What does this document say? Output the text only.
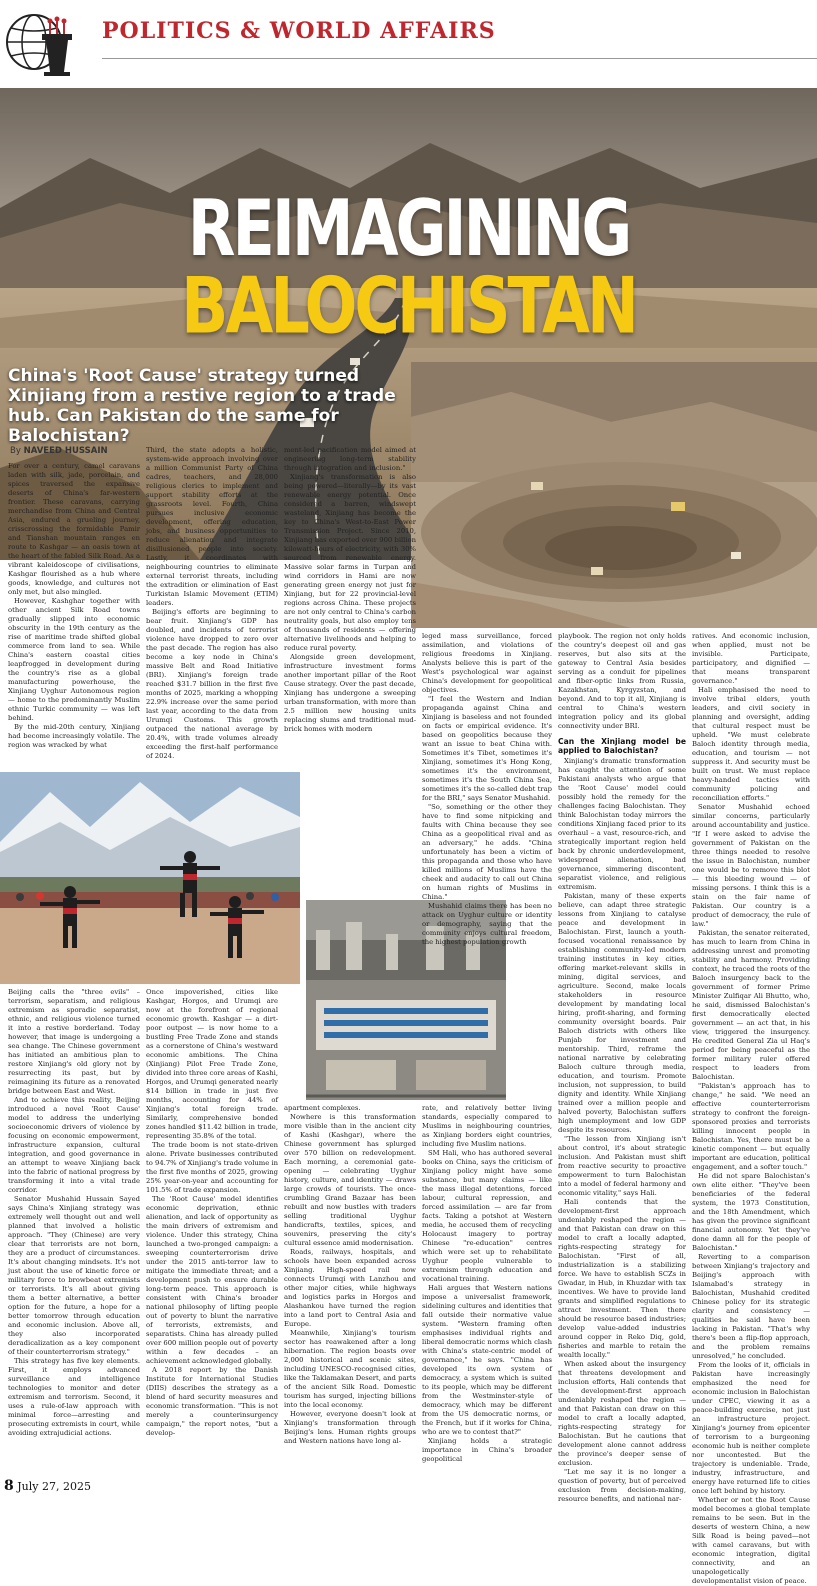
POLITICS & WORLD AFFAIRS
REIMAGINING BALOCHISTAN
China's 'Root Cause' strategy turned Xinjiang from a restive region to a trade hub. Can Pakistan do the same for Balochistan?
By NAVEED HUSSAIN

For over a century, camel caravans laden with silk, jade, porcelain, and spices traversed the expansive deserts of China's far-western frontier. These caravans, carrying merchandise from China and Central Asia, endured a grueling journey, crisscrossing the formidable Pamir and Tianshan mountain ranges en route to Kashgar — an oasis town at the heart of the fabled Silk Road. As a vibrant kaleidoscope of civilisations, Kashgar flourished as a hub where goods, knowledge, and cultures not only met, but also mingled.

However, Kashghar together with other ancient Silk Road towns gradually slipped into economic obscurity in the 19th century as the rise of maritime trade shifted global commerce from land to sea. While China's eastern coastal cities leapfrogged in development during the country's rise as a global manufacturing powerhouse, the Xinjiang Uyghur Autonomous region — home to the predominantly Muslim ethnic Turkic community — was left behind.

By the mid-20th century, Xinjiang had become increasingly volatile. The region was wracked by what

Third, the state adopts a holistic, system-wide approach involving over a million Communist Party of China cadres, teachers, and 28,000 religious clerics to implement and support stability efforts at the grassroots level. Fourth, China pursues inclusive economic development, offering education, jobs, and business opportunities to reduce alienation and integrate disillusioned people into society. Lastly, it coordinates with neighbouring countries to eliminate external terrorist threats, including the extradition or elimination of East Turkistan Islamic Movement (ETIM) leaders.

Beijing's efforts are beginning to bear fruit. Xinjiang's GDP has doubled, and incidents of terrorist violence have dropped to zero over the past decade. The region has also become a key node in China's massive Belt and Road Initiative (BRI). Xinjiang's foreign trade reached $31.7 billion in the first five months of 2025, marking a whopping 22.9% increase over the same period last year, according to the data from Urumqi Customs. This growth outpaced the national average by 20.4%, with trade volumes already exceeding the first-half performance of 2024.

ment-led pacification model aimed at engineering long-term stability through integration and inclusion."

Xinjiang's transformation is also being powered—literally—by its vast renewable energy potential. Once considered a barren, windswept wasteland, Xinjiang has become the key to China's West-to-East Power Transmission Project. Since 2010, Xinjiang has exported over 900 billion kilowatt-hours of electricity, with 30% sourced from renewable energy. Massive solar farms in Turpan and wind corridors in Hami are now generating green energy not just for Xinjiang, but for 22 provincial-level regions across China. These projects are not only central to China's carbon neutrality goals, but also employ tens of thousands of residents — offering alternative livelihoods and helping to reduce rural poverty.

Alongside green development, infrastructure investment forms another important pillar of the Root Cause strategy. Over the past decade, Xinjiang has undergone a sweeping urban transformation, with more than 2.5 million new housing units replacing slums and traditional mud-brick homes with modern

leged mass surveillance, forced assimilation, and violations of religious freedoms in Xinjiang. Analysts believe this is part of the West's psychological war against China's development for geopolitical objectives.

"I feel the Western and Indian propaganda against China and Xinjiang is baseless and not founded on facts or empirical evidence. It's based on geopolitics because they want an issue to beat China with. Sometimes it's Tibet, sometimes it's Xinjiang, sometimes it's Hong Kong, sometimes it's the environment, sometimes it's the South China Sea, sometimes it's the so-called debt trap for the BRI," says Senator Mushahid.

"So, something or the other they have to find some nitpicking and faults with China because they see China as a geopolitical rival and as an adversary," he adds. "China unfortunately has been a victim of this propaganda and those who have killed millions of Muslims have the cheek and audacity to call out China on human rights of Muslims in China."

Mushahid claims there has been no attack on Uyghur culture or identity or demography, saying that the community enjoys cultural freedom, the highest population growth

playbook. The region not only holds the country's deepest oil and gas reserves, but also sits at the gateway to Central Asia besides serving as a conduit for pipelines and fiber-optic links from Russia, Kazakhstan, Kyrgyzstan, and beyond. And to top it all, Xinjiang is central to China's western integration policy and its global connectivity under BRI.

Can the Xinjiang model be applied to Balochistan?

Xinjiang's dramatic transformation has caught the attention of some Pakistani analysts who argue that the 'Root Cause' model could possibly hold the remedy for the challenges facing Balochistan. They think Balochistan today mirrors the conditions Xinjiang faced prior to its overhaul – a vast, resource-rich, and strategically important region held back by chronic underdevelopment, widespread alienation, bad governance, simmering discontent, separatist violence, and religious extremism.

Pakistan, many of these experts believe, can adapt three strategic lessons from Xinjiang to catalyse peace and development in Balochistan. First, launch a youth-focused vocational renaissance by establishing community-led modern training institutes in key cities, offering market-relevant skills in mining, digital services, and agriculture. Second, make locals stakeholders in resource development by mandating local hiring, profit-sharing, and forming community oversight boards. Pair Baloch districts with others like Punjab for investment and mentorship. Third, reframe the national narrative by celebrating Baloch culture through media, education, and tourism. Promote inclusion, not suppression, to build dignity and identity. While Xinjiang trained over a million people and halved poverty, Balochistan suffers high unemployment and low GDP despite its resources.

"The lesson from Xinjiang isn't about control, it's about strategic inclusion. And Pakistan must shift from reactive security to proactive empowerment to turn Balochistan into a model of federal harmony and economic vitality," says Hali.

Hali contends that the development-first approach undeniably reshaped the region — and that Pakistan can draw on this model to craft a locally adapted, rights-respecting strategy for Balochistan. "First of all, industrialization is a stabilizing force. We have to establish SCZs in Gwadar, in Hub, in Khuzdar with tax incentives. We have to provide land grants and simplified regulations to attract investment. Then there should be resource based industries; develop value-added industries around copper in Reko Diq, gold, fisheries and marble to retain the wealth locally."

When asked about the insurgency that threatens development and inclusion efforts, Hali contends that the development-first approach undeniably reshaped the region — and that Pakistan can draw on this model to craft a locally adapted, rights-respecting strategy for Balochistan. But he cautions that development alone cannot address the province's deeper sense of exclusion.

"Let me say it is no longer a question of poverty, but of perceived exclusion from decision-making, resource benefits, and national nar-

ratives. And economic inclusion, when applied, must not be invisible. Participate, participatory, and dignified — that means transparent governance."

Hali emphasised the need to involve tribal elders, youth leaders, and civil society in planning and oversight, adding that cultural respect must be upheld. "We must celebrate Baloch identity through media, education, and tourism — not suppress it. And security must be built on trust. We must replace heavy-handed tactics with community policing and reconciliation efforts."

Senator Mushahid echoed similar concerns, particularly around accountability and justice. "If I were asked to advise the government of Pakistan on the three things needed to resolve the issue in Balochistan, number one would be to remove this blot — this bleeding wound — of missing persons. I think this is a stain on the fair name of Pakistan. Our country is a product of democracy, the rule of law."

Pakistan, the senator reiterated, has much to learn from China in addressing unrest and promoting stability and harmony. Providing context, he traced the roots of the Baloch insurgency back to the government of former Prime Minister Zulfiqar Ali Bhutto, who, he said, dismissed Balochistan's first democratically elected government — an act that, in his view, triggered the insurgency. He credited General Zia ul Haq's period for being peaceful as the former military ruler offered respect to leaders from Balochistan.

"Pakistan's approach has to change," he said. "We need an effective counterterrorism strategy to confront the foreign-sponsored proxies and terrorists killing innocent people in Balochistan. Yes, there must be a kinetic component — but equally important are education, political engagement, and a softer touch."

He did not spare Balochistan's own elite either. "They've been beneficiaries of the federal system, the 1973 Constitution, and the 18th Amendment, which has given the province significant financial autonomy. Yet they've done damn all for the people of Balochistan."

Reverting to a comparison between Xinjiang's trajectory and Beijing's approach with Islamabad's strategy in Balochistan, Mushahid credited Chinese policy for its strategic clarity and consistency — qualities he said have been lacking in Pakistan. "That's why there's been a flip-flop approach, and the problem remains unresolved," he concluded.

From the looks of it, officials in Pakistan have increasingly emphasized the need for economic inclusion in Balochistan under CPEC, viewing it as a peace-building exercise, not just an infrastructure project. Xinjiang's journey from epicenter of terrorism to a burgeoning economic hub is neither complete nor uncontested. But the trajectory is undeniable. Trade, industry, infrastructure, and energy have returned life to cities once left behind by history.

Whether or not the Root Cause model becomes a global template remains to be seen. But in the deserts of western China, a new Silk Road is being paved—not with camel caravans, but with economic integration, digital connectivity, and an unapologetically developmentalist vision of peace.

Beijing calls the "three evils" – terrorism, separatism, and religious extremism as sporadic separatist, ethnic, and religious violence turned it into a restive borderland. Today however, that image is undergoing a sea change. The Chinese government has initiated an ambitious plan to restore Xinjiang's old glory not by resurrecting its past, but by reimagining its future as a renovated bridge between East and West.

And to achieve this reality, Beijing introduced a novel 'Root Cause' model to address the underlying socioeconomic drivers of violence by focusing on economic empowerment, infrastructure expansion, cultural integration, and good governance in an attempt to weave Xinjiang back into the fabric of national progress by transforming it into a vital trade corridor.

Senator Mushahid Hussain Sayed says China's Xinjiang strategy was extremely well thought out and well planned that involved a holistic approach. "They (Chinese) are very clear that terrorists are not born, they are a product of circumstances. It's about changing mindsets. It's not just about the use of kinetic force or military force to browbeat extremists or terrorists. It's all about giving them a better alternative, a better option for the future, a hope for a better tomorrow through education and economic inclusion. Above all, they also incorporated deradicalization as a key component of their counterterrorism strategy."

This strategy has five key elements. First, it employs advanced surveillance and intelligence technologies to monitor and deter extremism and terrorism. Second, it uses a rule-of-law approach with minimal force—arresting and prosecuting extremists in court, while avoiding extrajudicial actions.

Once impoverished, cities like Kashgar, Horgos, and Urumqi are now at the forefront of regional economic growth. Kashgar — a dirt-poor outpost — is now home to a bustling Free Trade Zone and stands as a cornerstone of China's westward economic ambitions. The China (Xinjiang) Pilot Free Trade Zone, divided into three core areas of Kashi, Horgos, and Urumqi generated nearly $14 billion in trade in just five months, accounting for 44% of Xinjiang's total foreign trade. Similarly, comprehensive bonded zones handled $11.42 billion in trade, representing 35.8% of the total.

The trade boom is not state-driven alone. Private businesses contributed to 94.7% of Xinjiang's trade volume in the first five months of 2025, growing 25% year-on-year and accounting for 101.5% of trade expansion.

The 'Root Cause' model identifies economic deprivation, ethnic alienation, and lack of opportunity as the main drivers of extremism and violence. Under this strategy, China launched a two-pronged campaign: a sweeping counterterrorism drive under the 2015 anti-terror law to mitigate the immediate threat; and a development push to ensure durable long-term peace. This approach is consistent with China's broader national philosophy of lifting people out of poverty to blunt the narrative of terrorists, extremists, and separatists. China has already pulled over 600 million people out of poverty within a few decades – an achievement acknowledged globally.

A 2018 report by the Danish Institute for International Studies (DIIS) describes the strategy as a blend of hard security measures and economic transformation. "This is not merely a counterinsurgency campaign," the report notes, "but a develop-

apartment complexes.

Nowhere is this transformation more visible than in the ancient city of Kashi (Kashgar), where the Chinese government has splurged over 570 billion on redevelopment. Each morning, a ceremonial gate-opening — celebrating Uyghur history, culture, and identity — draws large crowds of tourists. The once-crumbling Grand Bazaar has been rebuilt and now bustles with traders selling traditional Uyghur handicrafts, textiles, spices, and souvenirs, preserving the city's cultural essence amid modernisation.

Roads, railways, hospitals, and schools have been expanded across Xinjiang. High-speed rail now connects Urumqi with Lanzhou and other major cities, while highways and logistics parks in Horgos and Alashankou have turned the region into a land port to Central Asia and Europe.

Meanwhile, Xinjiang's tourism sector has reawakened after a long hibernation. The region boasts over 2,000 historical and scenic sites, including UNESCO-recognised cities, like the Taklamakan Desert, and parts of the ancient Silk Road. Domestic tourism has surged, injecting billions into the local economy.

However, everyone doesn't look at Xinjiang's transformation through Beijing's lens. Human rights groups and Western nations have long al-

rate, and relatively better living standards, especially compared to Muslims in neighbouring countries, as Xinjiang borders eight countries, including five Muslim nations.

SM Hali, who has authored several books on China, says the criticism of Xinjiang policy might have some substance, but many claims — like the mass illegal detentions, forced labour, cultural repression, and forced assimilation — are far from facts. Taking a potshot at Western media, he accused them of recycling Holocaust imagery to portray Chinese "re-education" centres which were set up to rehabilitate Uyghur people vulnerable to extremism through education and vocational training.

Hali argues that Western nations impose a universalist framework, sidelining cultures and identities that fall outside their normative value system. "Western framing often emphasises individual rights and liberal democratic norms which clash with China's state-centric model of governance," he says. "China has developed its own system of democracy, a system which is suited to its people, which may be different from the Westminster-style of democracy, which may be different from the US democratic norms, or the French, but if it works for China, who are we to contest that?"

Xinjiang holds a strategic importance in China's broader geopolitical

8 July 27, 2025
